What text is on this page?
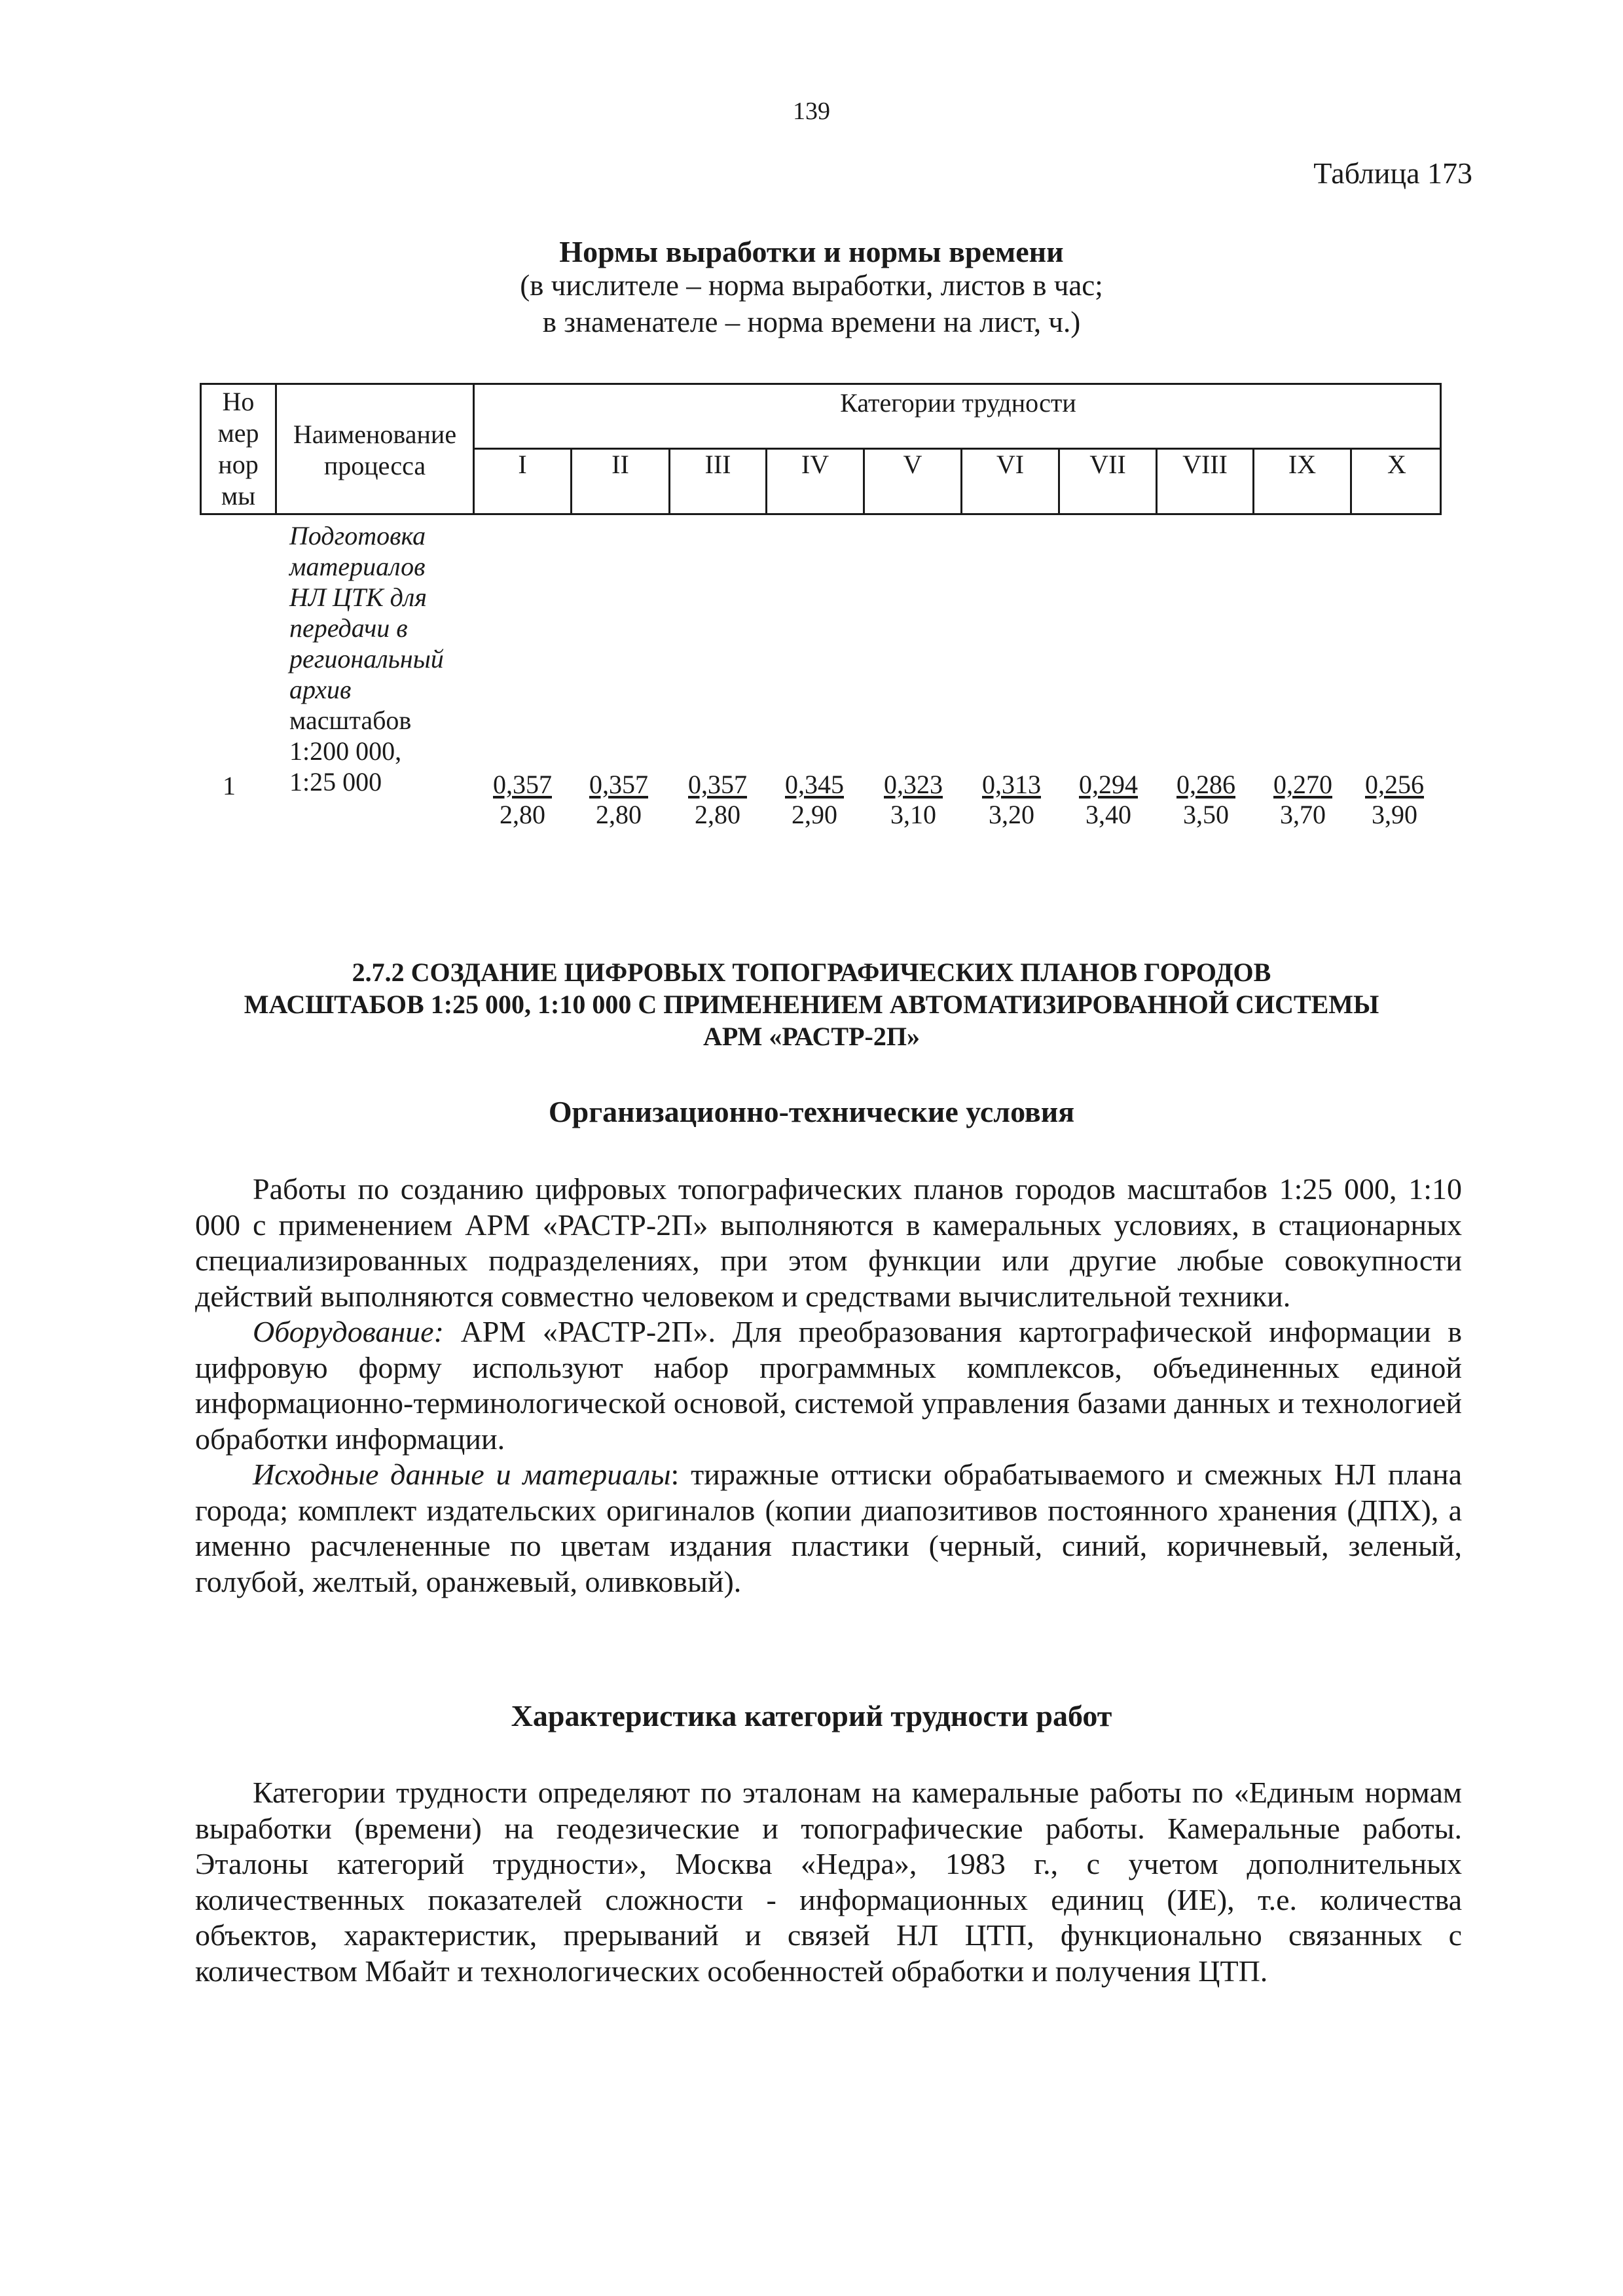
139
Таблица 173
Нормы выработки и нормы времени
(в числителе – норма выработки, листов в час;
в знаменателе – норма времени на лист, ч.)
Но
мер
нор
мы
Наименование
процесса
Категории трудности
I	II	III	IV	V	VI	VII	VIII	IX	X
1
Подготовка
материалов
НЛ ЦТК для
передачи в
региональный
архив
масштабов
1:200 000,
1:25 000	$\frac{0,357}{2,80} \frac{0,357}{2,80} \frac{0,357}{2,80} \frac{0,345}{2,90} \frac{0,323}{3,10} \frac{0,313}{3,20} \frac{0,294}{3,40} \frac{0,286}{3,50} \frac{0,270}{3,70} \frac{0,256}{3,90}$
2.7.2 СОЗДАНИЕ ЦИФРОВЫХ ТОПОГРАФИЧЕСКИХ ПЛАНОВ ГОРОДОВ
МАСШТАБОВ 1:25 000, 1:10 000 С ПРИМЕНЕНИЕМ АВТОМАТИЗИРОВАННОЙ СИСТЕМЫ
АРМ «РАСТР-2П»
Организационно-технические условия

Работы по созданию цифровых топографических планов городов масштабов 1:25 000, 1:10 000 с применением АРМ «РАСТР-2П» выполняются в камеральных условиях, в стационарных специализированных подразделениях, при этом функции или другие любые совокупности действий выполняются совместно человеком и средствами вычислительной техники.

Оборудование: АРМ «РАСТР-2П». Для преобразования картографической информации в цифровую форму используют набор программных комплексов, объединенных единой информационно-терминологической основой, системой управления базами данных и технологией обработки информации.

Исходные данные и материалы: тиражные оттиски обрабатываемого и смежных НЛ плана города; комплект издательских оригиналов (копии диапозитивов постоянного хранения (ДПХ), а именно расчлененные по цветам издания пластики (черный, синий, коричневый, зеленый, голубой, желтый, оранжевый, оливковый).

Характеристика категорий трудности работ

Категории трудности определяют по эталонам на камеральные работы по «Единым нормам выработки (времени) на геодезические и топографические работы. Камеральные работы. Эталоны категорий трудности», Москва «Недра», 1983 г., с учетом дополнительных количественных показателей сложности - информационных единиц (ИЕ), т.е. количества объектов, характеристик, прерываний и связей НЛ ЦТП, функционально связанных с количеством Мбайт и технологических особенностей обработки и получения ЦТП.
